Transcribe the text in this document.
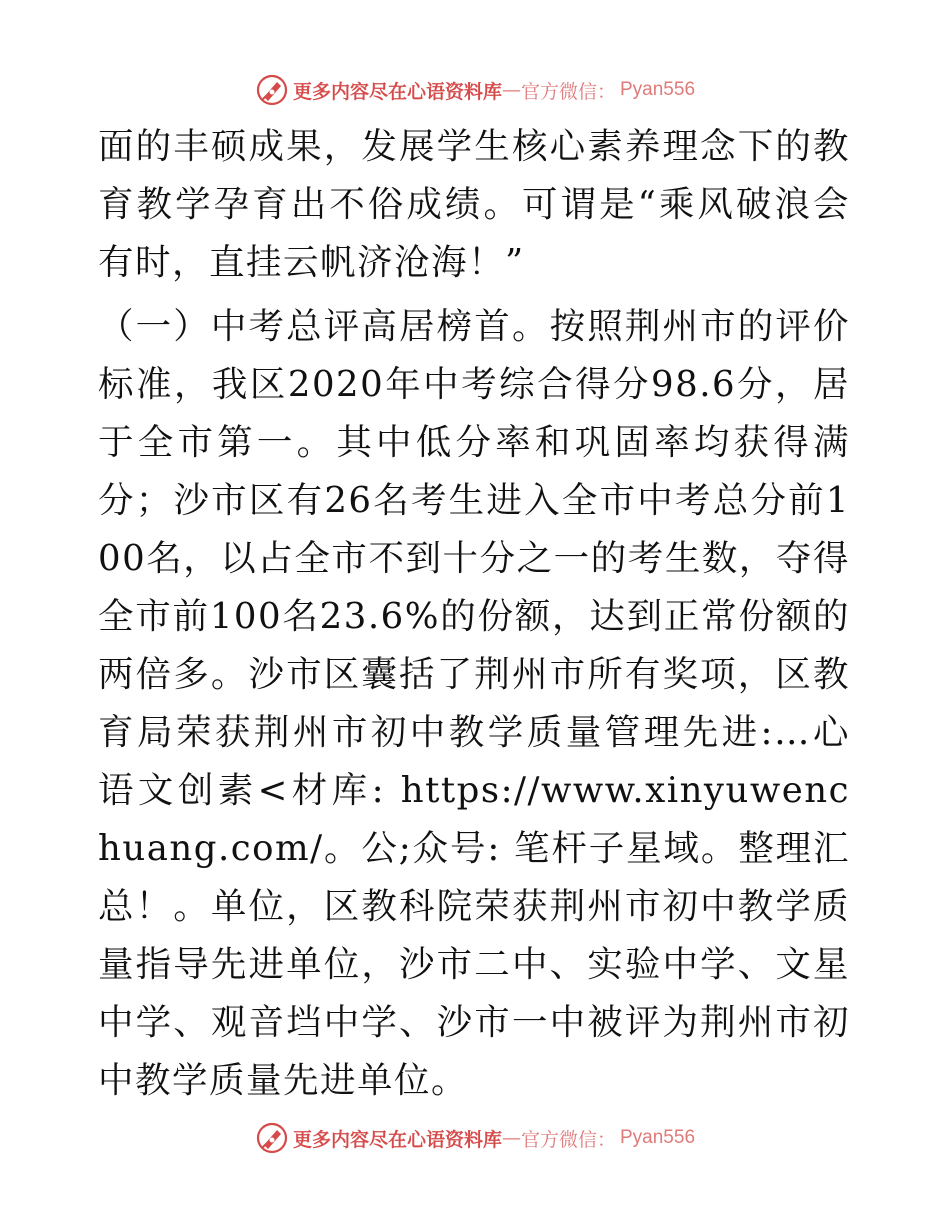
更多内容尽在心语资料库 — 官方微信： Pyan556

面的丰硕成果，发展学生核心素养理念下的教育教学孕育出不俗成绩。可谓是“乘风破浪会有时，直挂云帆济沧海！”

（一）中考总评高居榜首。按照荆州市的评价标准，我区2020年中考综合得分98.6分，居于全市第一。其中低分率和巩固率均获得满分；沙市区有26名考生进入全市中考总分前100名，以占全市不到十分之一的考生数，夺得全市前100名23.6%的份额，达到正常份额的两倍多。沙市区囊括了荆州市所有奖项，区教育局荣获荆州市初中教学质量管理先进:…心语文创素<材库: https://www.xinyuwenchuang.com/。公;众号: 笔杆子星域。整理汇总！。单位，区教科院荣获荆州市初中教学质量指导先进单位，沙市二中、实验中学、文星中学、观音垱中学、沙市一中被评为荆州市初中教学质量先进单位。

更多内容尽在心语资料库 — 官方微信： Pyan556
